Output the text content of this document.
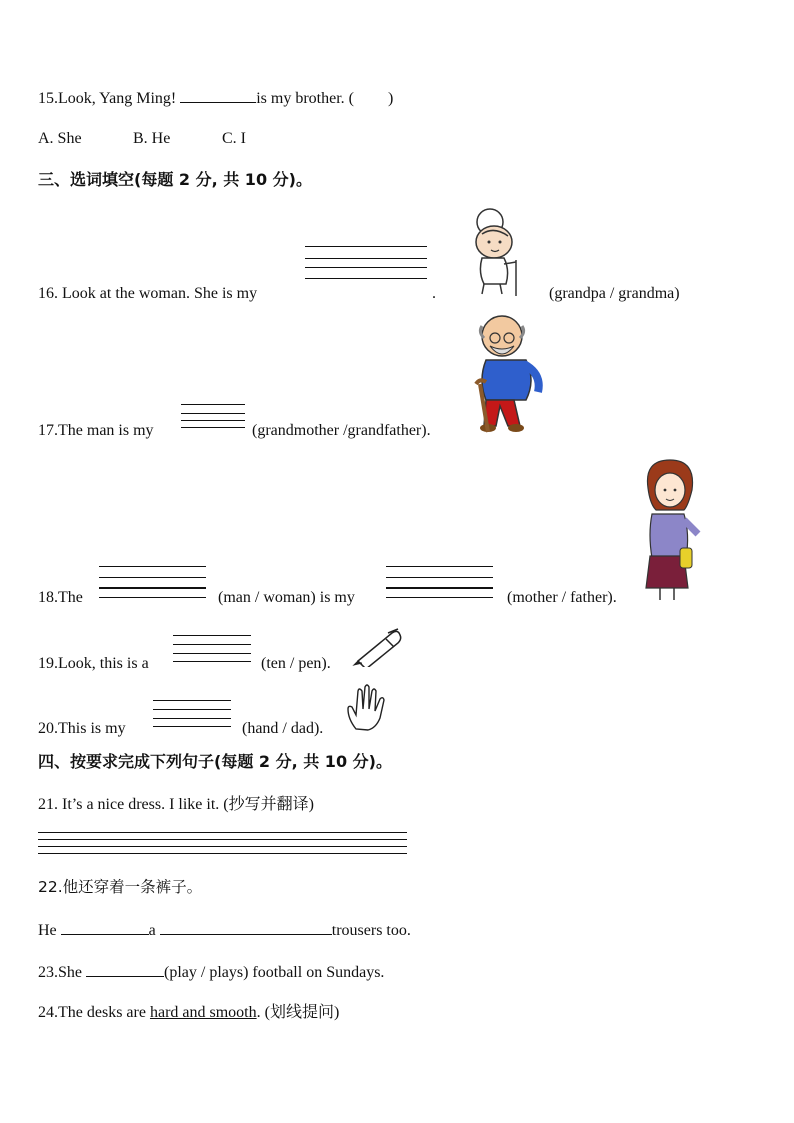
15.Look, Yang Ming!	is my brother. ( )
A. She	B. He	C. I
三、选词填空(每题 2 分, 共 10 分)。
16. Look at the woman. She is my	.	(grandpa / grandma)
17.The man is my	(grandmother /grandfather).
18.The	(man / woman) is my	(mother / father).
19.Look, this is a	(ten / pen).
20.This is my	(hand / dad).
四、按要求完成下列句子(每题 2 分, 共 10 分)。
21. It’s a nice dress. I like it. (抄写并翻译)
22.他还穿着一条裤子。
He	a	trousers too.
23.She	(play / plays) football on Sundays.
24.The desks are hard and smooth. (划线提问)
